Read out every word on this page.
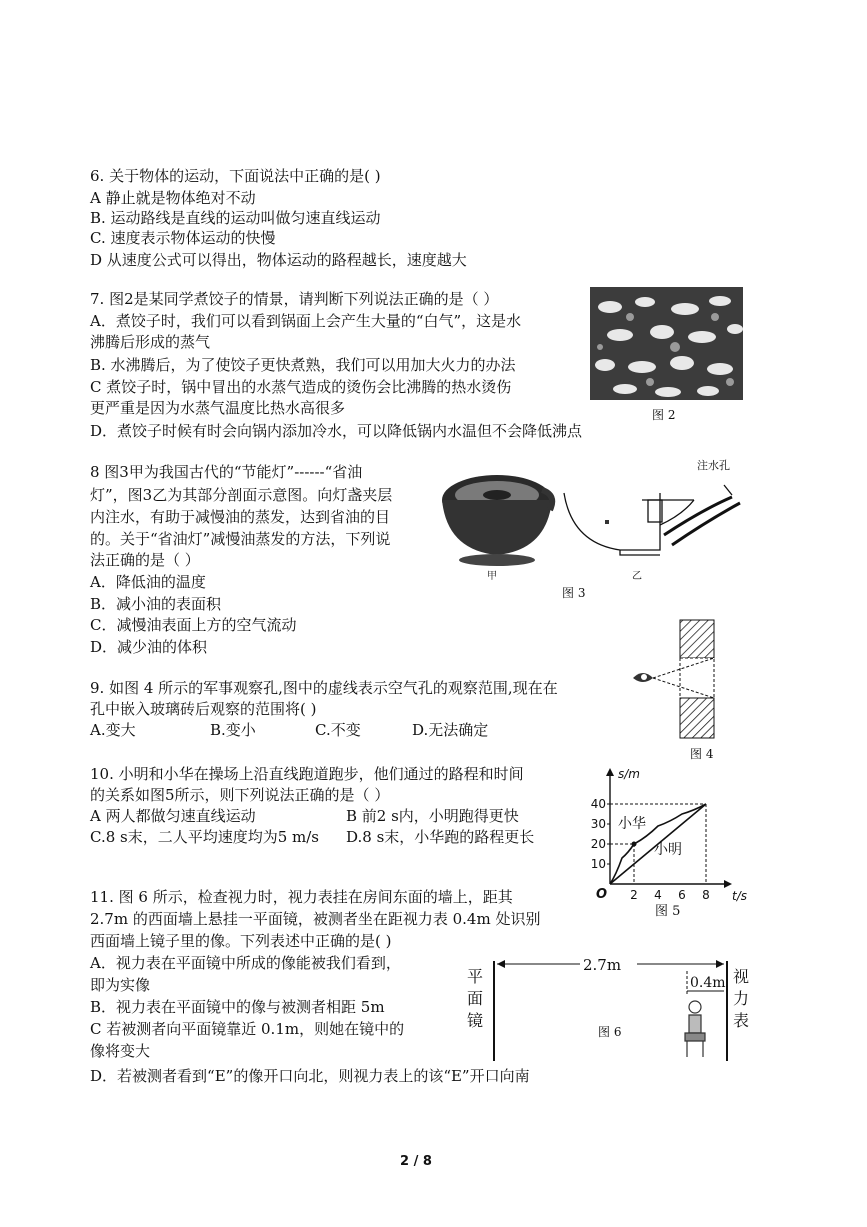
6. 关于物体的运动，下面说法中正确的是( )
A 静止就是物体绝对不动
B. 运动路线是直线的运动叫做匀速直线运动
C. 速度表示物体运动的快慢
D 从速度公式可以得出，物体运动的路程越长，速度越大
7. 图2是某同学煮饺子的情景，请判断下列说法正确的是（ ）
A．煮饺子时，我们可以看到锅面上会产生大量的“白气”，这是水
沸腾后形成的蒸气
B. 水沸腾后，为了使饺子更快煮熟，我们可以用加大火力的办法
C 煮饺子时，锅中冒出的水蒸气造成的烫伤会比沸腾的热水烫伤
更严重是因为水蒸气温度比热水高很多
D．煮饺子时候有时会向锅内添加冷水，可以降低锅内水温但不会降低沸点
图 2
8 图3甲为我国古代的“节能灯”------“省油
灯”，图3乙为其部分剖面示意图。向灯盏夹层
内注水，有助于减慢油的蒸发，达到省油的目
的。关于“省油灯”减慢油蒸发的方法，下列说
法正确的是（ ）
A．降低油的温度
B．减小油的表面积
C．减慢油表面上方的空气流动
D．减少油的体积
注水孔
甲	乙
图 3
9. 如图 4 所示的军事观察孔,图中的虚线表示空气孔的观察范围,现在在
孔中嵌入玻璃砖后观察的范围将( )
A.变大	B.变小	C.不变	D.无法确定
图 4
10. 小明和小华在操场上沿直线跑道跑步，他们通过的路程和时间
的关系如图5所示，则下列说法正确的是（ ）
A 两人都做匀速直线运动	B 前2 s内，小明跑得更快
C.8 s末，二人平均速度均为5 m/s D.8 s末，小华跑的路程更长
s/m
t/s
O
10
20
30
40
2 4 6 8
小华
小明
图 5
11. 图 6 所示，检查视力时，视力表挂在房间东面的墙上，距其
2.7m 的西面墙上悬挂一平面镜，被测者坐在距视力表 0.4m 处识别
西面墙上镜子里的像。下列表述中正确的是( )
A．视力表在平面镜中所成的像能被我们看到，
即为实像
B．视力表在平面镜中的像与被测者相距 5m
C 若被测者向平面镜靠近 0.1m，则她在镜中的
像将变大
D．若被测者看到“E”的像开口向北，则视力表上的该“E”开口向南
平面镜
视力表
2.7m
0.4m
图 6
2 / 8
